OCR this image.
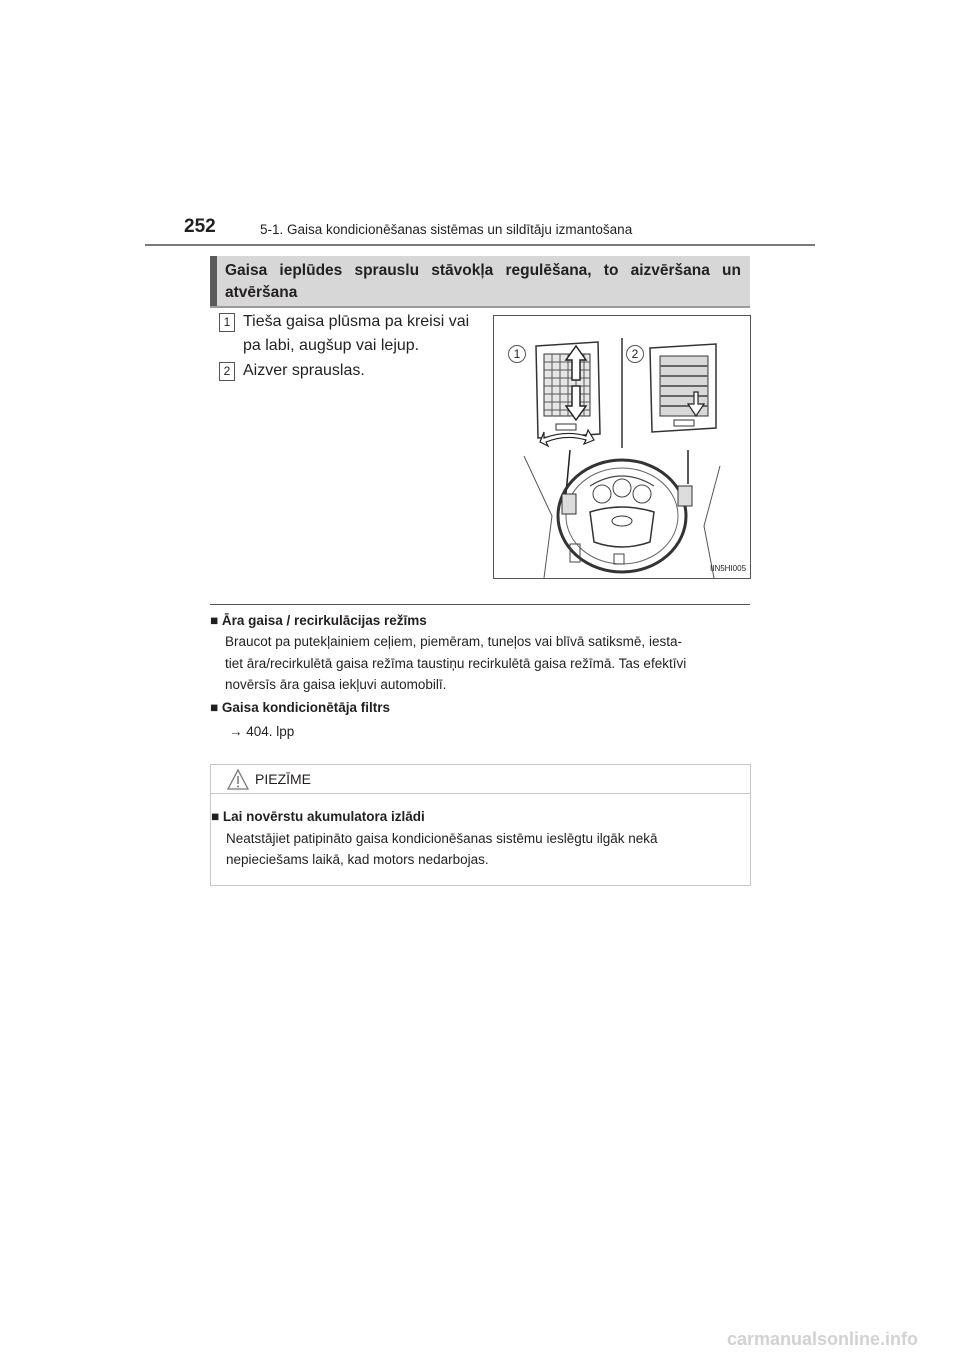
252	5-1. Gaisa kondicionēšanas sistēmas un sildītāju izmantošana
Gaisa ieplūdes sprauslu stāvokļa regulēšana, to aizvēršana un atvēršana
1 Tieša gaisa plūsma pa kreisi vai
pa labi, augšup vai lejup.
2 Aizver sprauslas.
1	2
IIN5HI005
■ Āra gaisa / recirkulācijas režīms
Braucot pa putekļainiem ceļiem, piemēram, tuneļos vai blīvā satiksmē, iesta-
tiet āra/recirkulētā gaisa režīma taustiņu recirkulētā gaisa režīmā. Tas efektīvi
novērsīs āra gaisa iekļuvi automobilī.
■ Gaisa kondicionētāja filtrs
→ 404. lpp
PIEZĪME
■ Lai novērstu akumulatora izlādi
Neatstājiet patipināto gaisa kondicionēšanas sistēmu ieslēgtu ilgāk nekā
nepieciešams laikā, kad motors nedarbojas.
carmanualsonline.info
